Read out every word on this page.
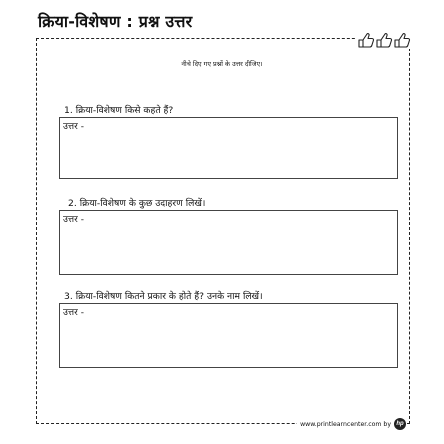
क्रिया-विशेषण : प्रश्न उत्तर
नीचे दिए गए प्रश्नों के उत्तर दीजिए।
1. क्रिया-विशेषण किसे कहते हैं?
उत्तर -
2. क्रिया-विशेषण के कुछ उदाहरण लिखें।
उत्तर -
3. क्रिया-विशेषण कितने प्रकार के होते हैं? उनके नाम लिखें।
उत्तर -
www.printlearncenter.com by hp
